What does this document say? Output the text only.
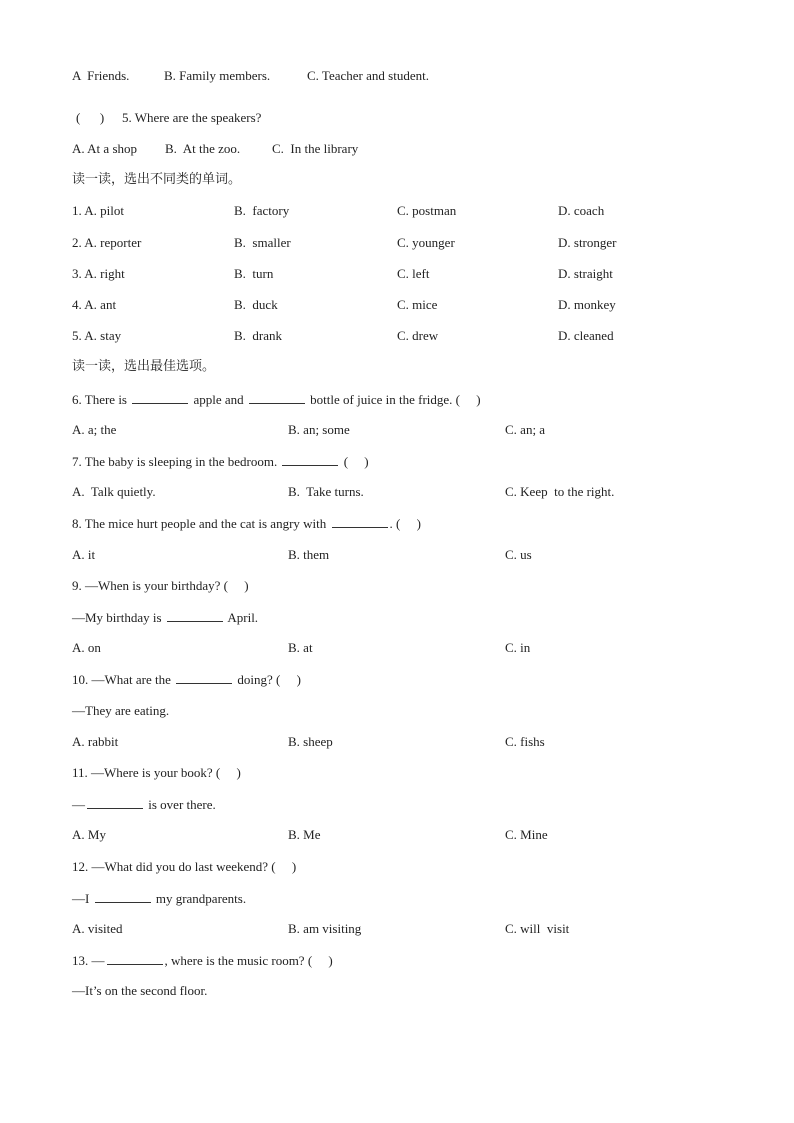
A  Friends.	B. Family members.	C. Teacher and student.
(      ) 5. Where are the speakers?
A. At a shop B.  At the zoo. C.  In the library
读一读，选出不同类的单词。
1. A. pilot	B.  factory	C. postman	D. coach
2. A. reporter	B.  smaller	C. younger	D. stronger
3. A. right	B.  turn	C. left	D. straight
4. A. ant	B.  duck	C. mice	D. monkey
5. A. stay	B.  drank	C. drew	D. cleaned
读一读，选出最佳选项。
6. There is	apple and	bottle of juice in the fridge. (     )
A. a; the	B. an; some	C. an; a
7. The baby is sleeping in the bedroom.	(     )
A.  Talk quietly.	B.  Take turns.	C. Keep  to the right.
8. The mice hurt people and the cat is angry with	. (     )
A. it	B. them	C. us
9. —When is your birthday? (     )
—My birthday is	April.
A. on	B. at	C. in
10. —What are the	doing? (     )
—They are eating.
A. rabbit	B. sheep	C. fishs
11. —Where is your book? (     )
—	is over there.
A. My	B. Me	C. Mine
12. —What did you do last weekend? (     )
—I	my grandparents.
A. visited	B. am visiting	C. will  visit
13. —	, where is the music room? (     )
—It’s on the second floor.
